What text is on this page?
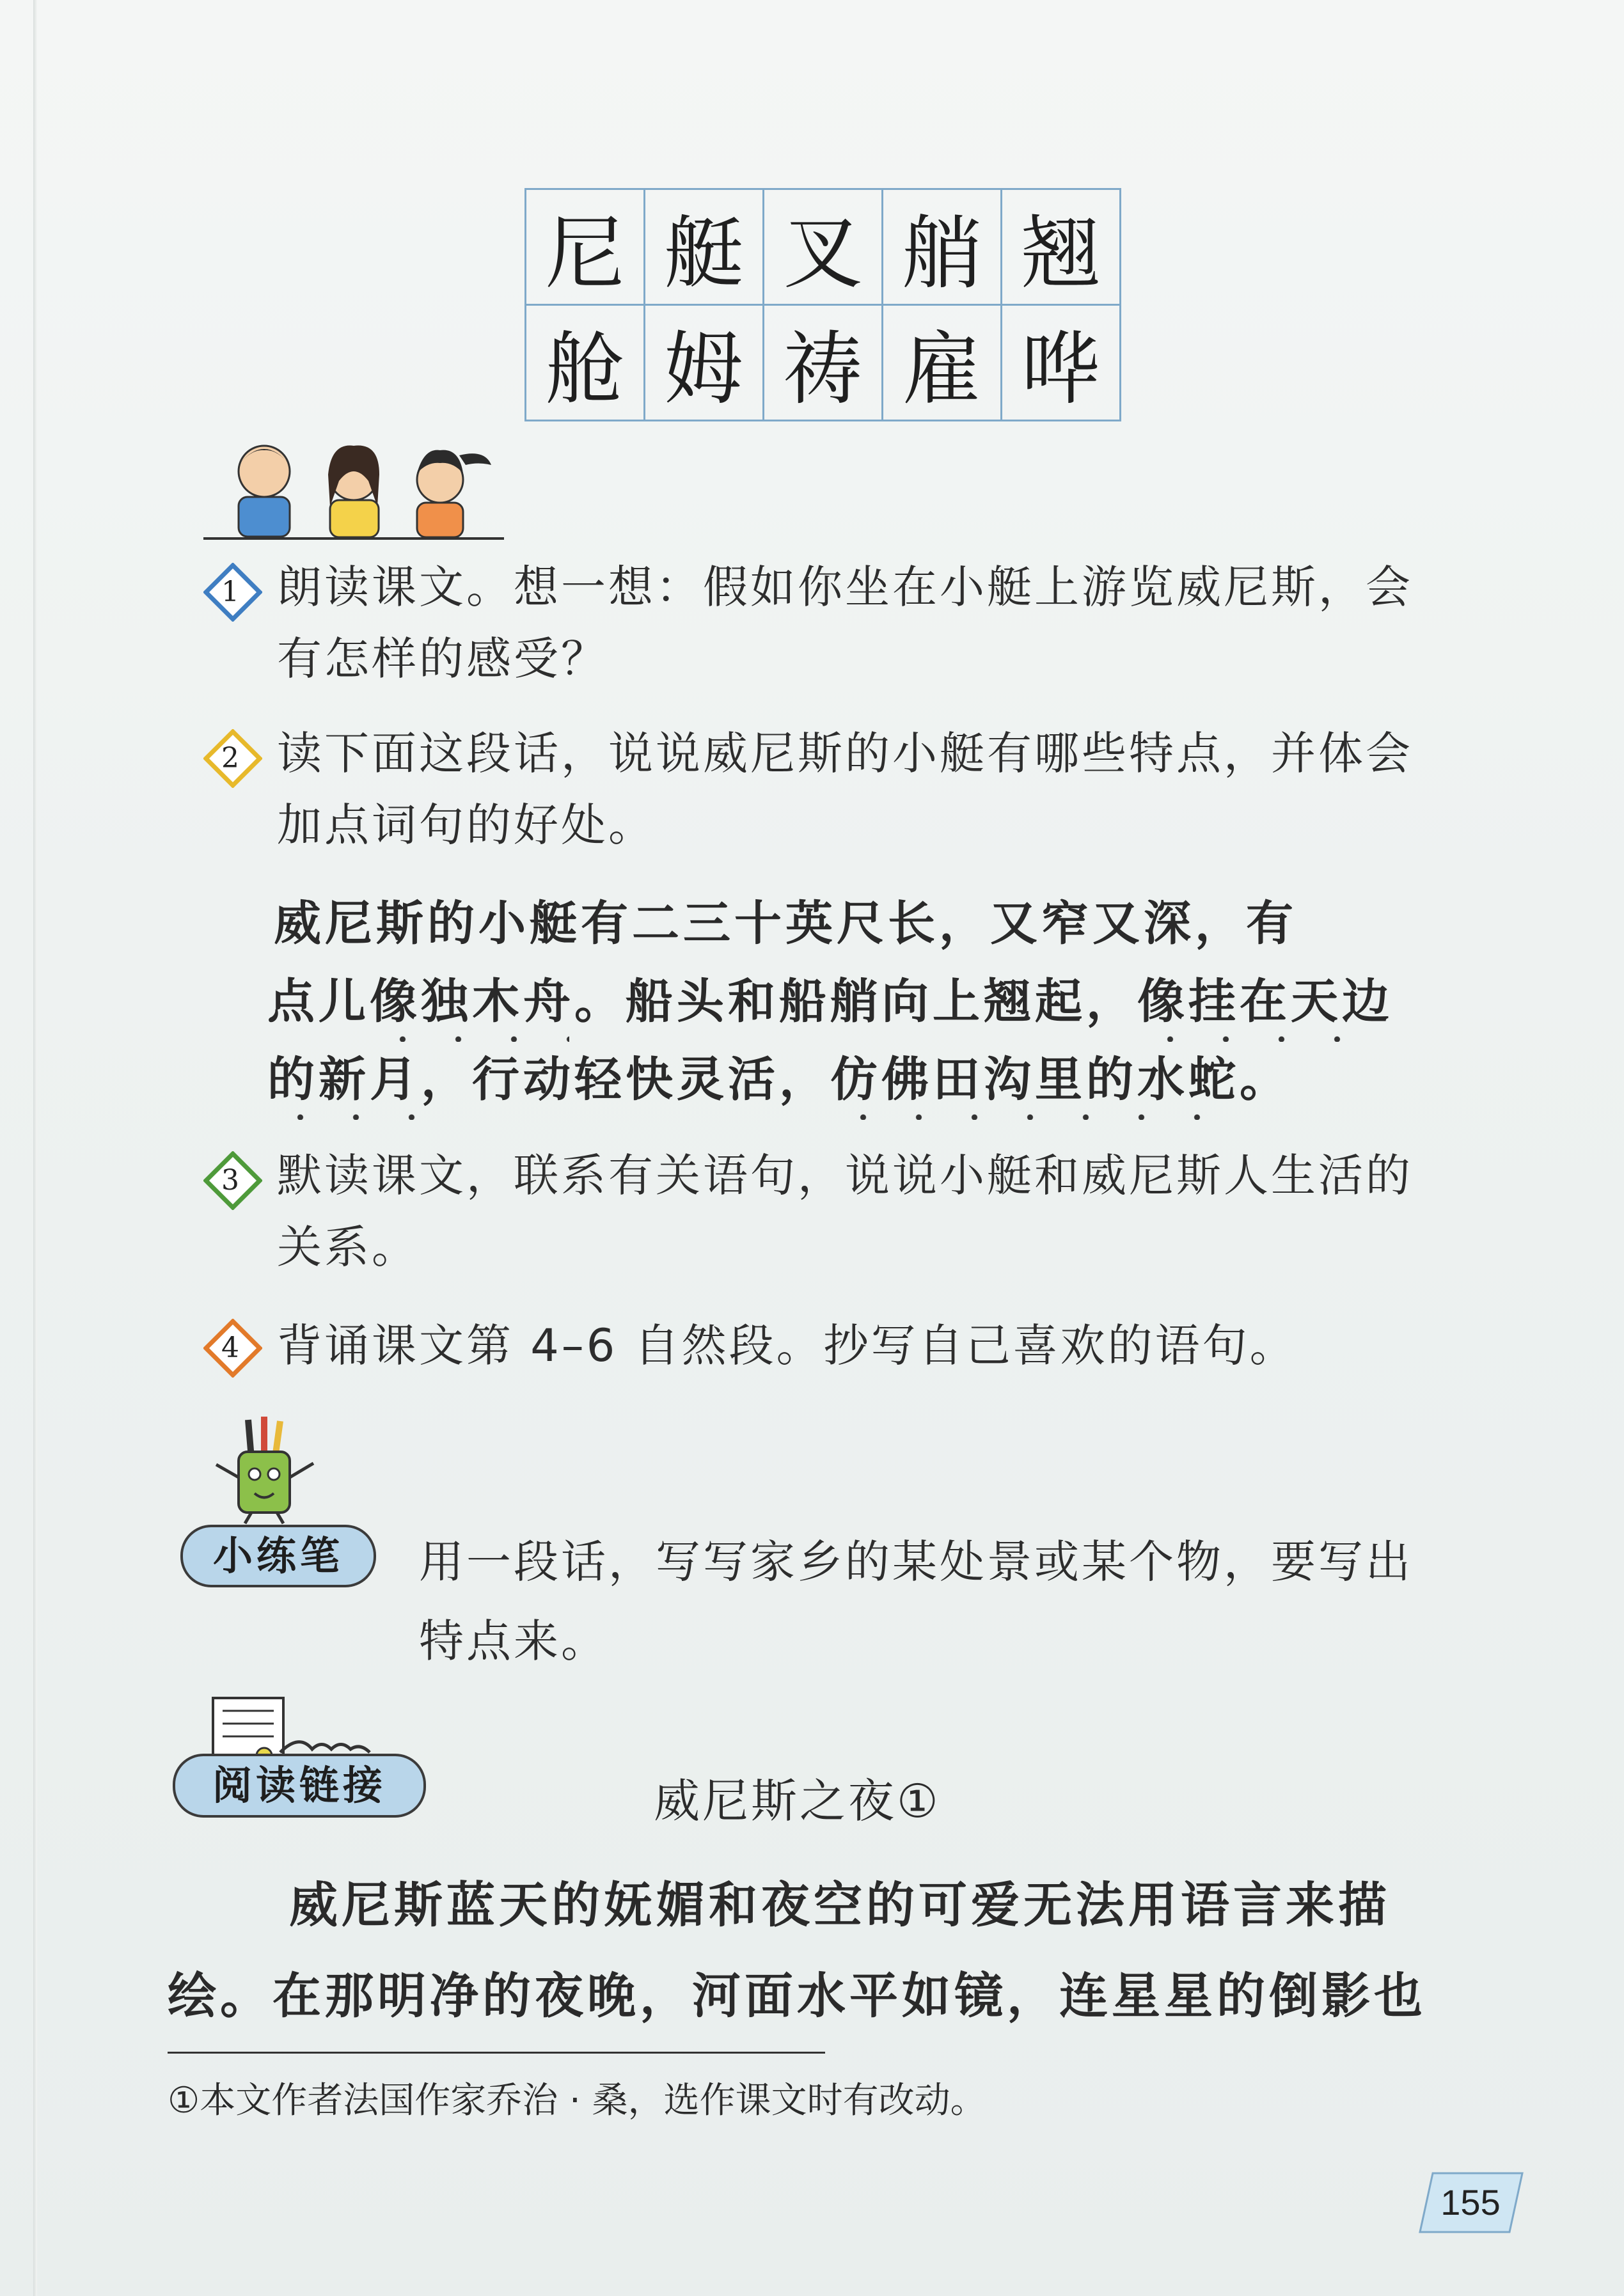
尼	艇	叉	艄	翘
舱	姆	祷	雇	哗
1 朗读课文。想一想：假如你坐在小艇上游览威尼斯，会
有怎样的感受？
2 读下面这段话，说说威尼斯的小艇有哪些特点，并体会
加点词句的好处。
威尼斯的小艇有二三十英尺长，又窄又深，有
点儿像独木舟。船头和船艄向上翘起，像挂在天边
的新月，行动轻快灵活，仿佛田沟里的水蛇。
3 默读课文，联系有关语句，说说小艇和威尼斯人生活的
关系。
4 背诵课文第 4–6 自然段。抄写自己喜欢的语句。
小练笔	用一段话，写写家乡的某处景或某个物，要写出
特点来。
阅读链接	威尼斯之夜①
威尼斯蓝天的妩媚和夜空的可爱无法用语言来描
绘。在那明净的夜晚，河面水平如镜，连星星的倒影也
①本文作者法国作家乔治 · 桑，选作课文时有改动。
155
